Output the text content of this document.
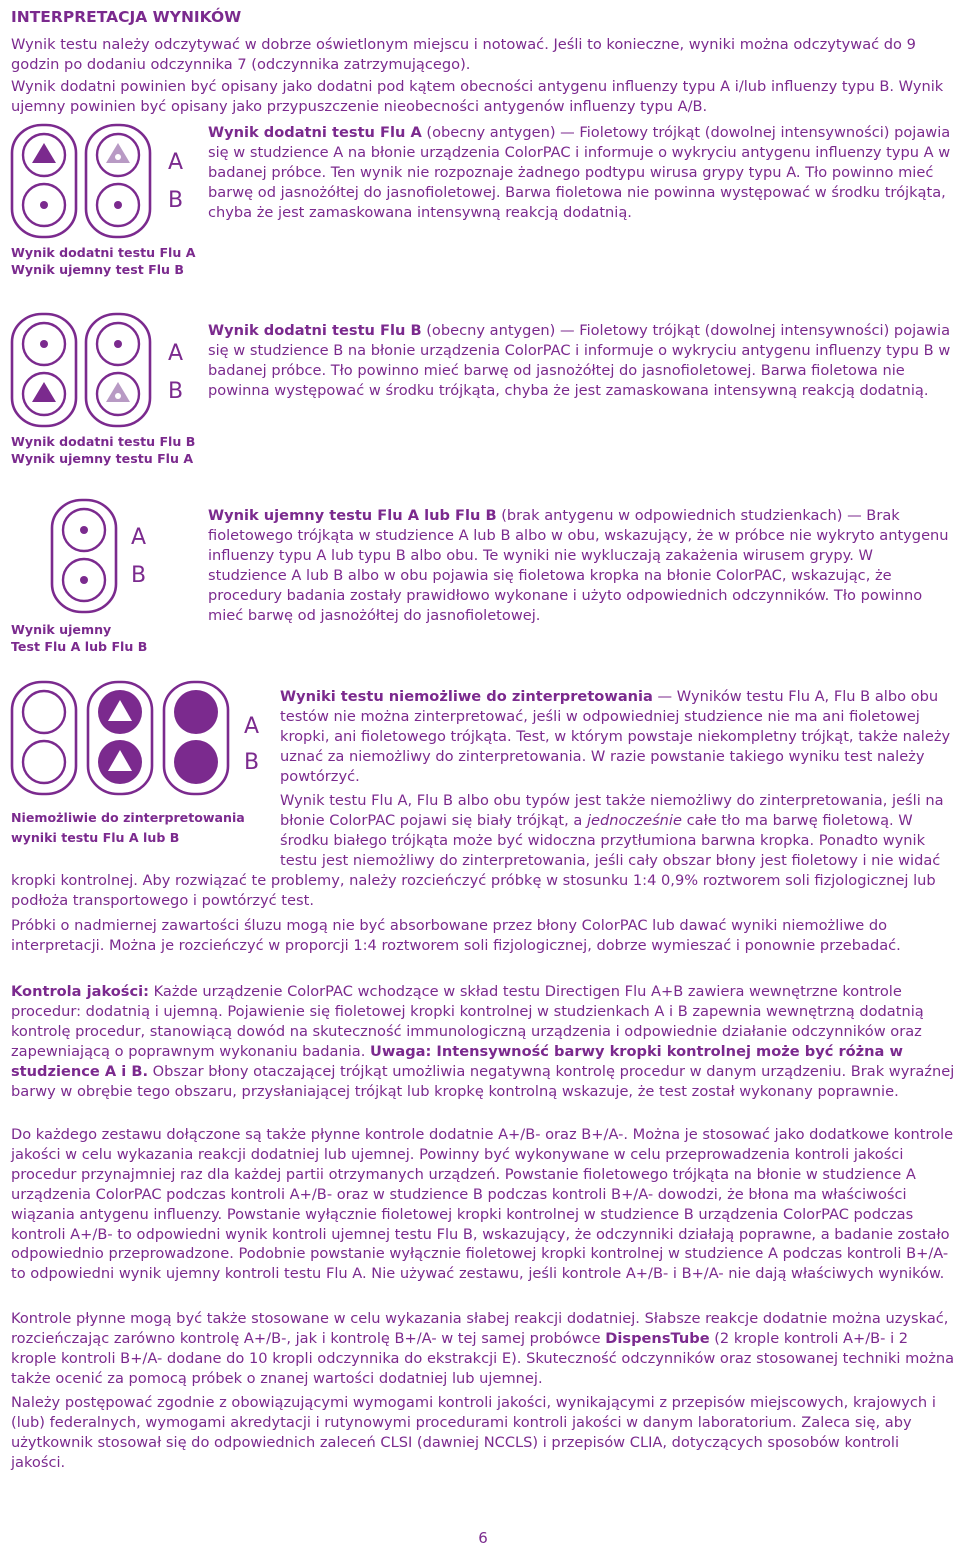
INTERPRETACJA WYNIKÓW

Wynik testu należy odczytywać w dobrze oświetlonym miejscu i notować. Jeśli to konieczne, wyniki można odczytywać do 9 godzin po dodaniu odczynnika 7 (odczynnika zatrzymującego).

Wynik dodatni powinien być opisany jako dodatni pod kątem obecności antygenu influenzy typu A i/lub influenzy typu B. Wynik ujemny powinien być opisany jako przypuszczenie nieobecności antygenów influenzy typu A/B.

A
B
Wynik dodatni testu Flu A
Wynik ujemny test Flu B

Wynik dodatni testu Flu A (obecny antygen) — Fioletowy trójkąt (dowolnej intensywności) pojawia się w studzience A na błonie urządzenia ColorPAC i informuje o wykryciu antygenu influenzy typu A w badanej próbce. Ten wynik nie rozpoznaje żadnego podtypu wirusa grypy typu A. Tło powinno mieć barwę od jasnożółtej do jasnofioletowej. Barwa fioletowa nie powinna występować w środku trójkąta, chyba że jest zamaskowana intensywną reakcją dodatnią.

A
B
Wynik dodatni testu Flu B
Wynik ujemny testu Flu A

Wynik dodatni testu Flu B (obecny antygen) — Fioletowy trójkąt (dowolnej intensywności) pojawia się w studzience B na błonie urządzenia ColorPAC i informuje o wykryciu antygenu influenzy typu B w badanej próbce. Tło powinno mieć barwę od jasnożółtej do jasnofioletowej. Barwa fioletowa nie powinna występować w środku trójkąta, chyba że jest zamaskowana intensywną reakcją dodatnią.

A
B
Wynik ujemny
Test Flu A lub Flu B

Wynik ujemny testu Flu A lub Flu B (brak antygenu w odpowiednich studzienkach) — Brak fioletowego trójkąta w studzience A lub B albo w obu, wskazujący, że w próbce nie wykryto antygenu influenzy typu A lub typu B albo obu. Te wyniki nie wykluczają zakażenia wirusem grypy. W studzience A lub B albo w obu pojawia się fioletowa kropka na błonie ColorPAC, wskazując, że procedury badania zostały prawidłowo wykonane i użyto odpowiednich odczynników. Tło powinno mieć barwę od jasnożółtej do jasnofioletowej.

A
B
Niemożliwie do zinterpretowania
wyniki testu Flu A lub B

Wyniki testu niemożliwe do zinterpretowania — Wyników testu Flu A, Flu B albo obu testów nie można zinterpretować, jeśli w odpowiedniej studzience nie ma ani fioletowej kropki, ani fioletowego trójkąta. Test, w którym powstaje niekompletny trójkąt, także należy uznać za niemożliwy do zinterpretowania. W razie powstanie takiego wyniku test należy powtórzyć.

Wynik testu Flu A, Flu B albo obu typów jest także niemożliwy do zinterpretowania, jeśli na błonie ColorPAC pojawi się biały trójkąt, a jednocześnie całe tło ma barwę fioletową. W środku białego trójkąta może być widoczna przytłumiona barwna kropka. Ponadto wynik testu jest niemożliwy do zinterpretowania, jeśli cały obszar błony jest fioletowy i nie widać kropki kontrolnej. Aby rozwiązać te problemy, należy rozcieńczyć próbkę w stosunku 1:4 0,9% roztworem soli fizjologicznej lub podłoża transportowego i powtórzyć test.

Próbki o nadmiernej zawartości śluzu mogą nie być absorbowane przez błony ColorPAC lub dawać wyniki niemożliwe do interpretacji. Można je rozcieńczyć w proporcji 1:4 roztworem soli fizjologicznej, dobrze wymieszać i ponownie przebadać.

Kontrola jakości: Każde urządzenie ColorPAC wchodzące w skład testu Directigen Flu A+B zawiera wewnętrzne kontrole procedur: dodatnią i ujemną. Pojawienie się fioletowej kropki kontrolnej w studzienkach A i B zapewnia wewnętrzną dodatnią kontrolę procedur, stanowiącą dowód na skuteczność immunologiczną urządzenia i odpowiednie działanie odczynników oraz zapewniającą o poprawnym wykonaniu badania. Uwaga: Intensywność barwy kropki kontrolnej może być różna w studzience A i B. Obszar błony otaczającej trójkąt umożliwia negatywną kontrolę procedur w danym urządzeniu. Brak wyraźnej barwy w obrębie tego obszaru, przysłaniającej trójkąt lub kropkę kontrolną wskazuje, że test został wykonany poprawnie.

Do każdego zestawu dołączone są także płynne kontrole dodatnie A+/B- oraz B+/A-. Można je stosować jako dodatkowe kontrole jakości w celu wykazania reakcji dodatniej lub ujemnej. Powinny być wykonywane w celu przeprowadzenia kontroli jakości procedur przynajmniej raz dla każdej partii otrzymanych urządzeń. Powstanie fioletowego trójkąta na błonie w studzience A urządzenia ColorPAC podczas kontroli A+/B- oraz w studzience B podczas kontroli B+/A- dowodzi, że błona ma właściwości wiązania antygenu influenzy. Powstanie wyłącznie fioletowej kropki kontrolnej w studzience B urządzenia ColorPAC podczas kontroli A+/B- to odpowiedni wynik kontroli ujemnej testu Flu B, wskazujący, że odczynniki działają poprawne, a badanie zostało odpowiednio przeprowadzone. Podobnie powstanie wyłącznie fioletowej kropki kontrolnej w studzience A podczas kontroli B+/A- to odpowiedni wynik ujemny kontroli testu Flu A. Nie używać zestawu, jeśli kontrole A+/B- i B+/A- nie dają właściwych wyników.

Kontrole płynne mogą być także stosowane w celu wykazania słabej reakcji dodatniej. Słabsze reakcje dodatnie można uzyskać, rozcieńczając zarówno kontrolę A+/B-, jak i kontrolę B+/A- w tej samej probówce DispensTube (2 krople kontroli A+/B- i 2 krople kontroli B+/A- dodane do 10 kropli odczynnika do ekstrakcji E). Skuteczność odczynników oraz stosowanej techniki można także ocenić za pomocą próbek o znanej wartości dodatniej lub ujemnej.

Należy postępować zgodnie z obowiązującymi wymogami kontroli jakości, wynikającymi z przepisów miejscowych, krajowych i (lub) federalnych, wymogami akredytacji i rutynowymi procedurami kontroli jakości w danym laboratorium. Zaleca się, aby użytkownik stosował się do odpowiednich zaleceń CLSI (dawniej NCCLS) i przepisów CLIA, dotyczących sposobów kontroli jakości.

6
